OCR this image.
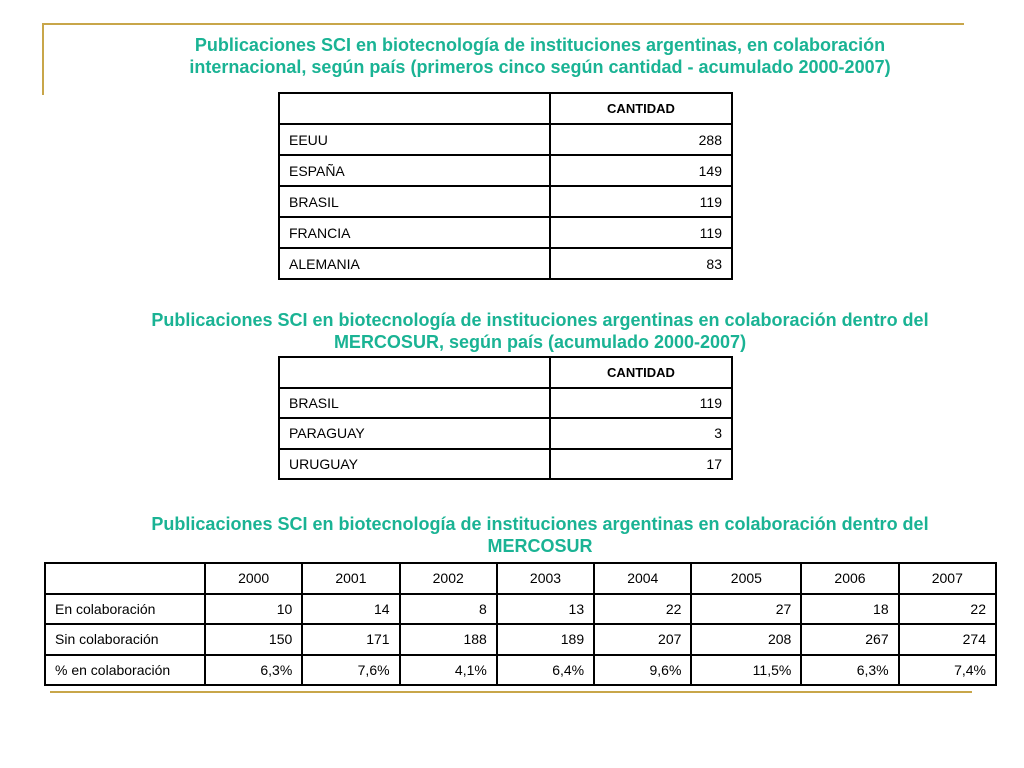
Publicaciones SCI en biotecnología de instituciones argentinas, en colaboración
internacional, según país (primeros cinco según cantidad - acumulado 2000-2007)

	CANTIDAD
EEUU	288
ESPAÑA	149
BRASIL	119
FRANCIA	119
ALEMANIA	83

Publicaciones SCI en biotecnología de instituciones argentinas en colaboración dentro del
MERCOSUR, según país (acumulado 2000-2007)

	CANTIDAD
BRASIL	119
PARAGUAY	3
URUGUAY	17

Publicaciones SCI en biotecnología de instituciones argentinas en colaboración dentro del
MERCOSUR

	2000	2001	2002	2003	2004	2005	2006	2007
En colaboración	10	14	8	13	22	27	18	22
Sin colaboración	150	171	188	189	207	208	267	274
% en colaboración	6,3%	7,6%	4,1%	6,4%	9,6%	11,5%	6,3%	7,4%
